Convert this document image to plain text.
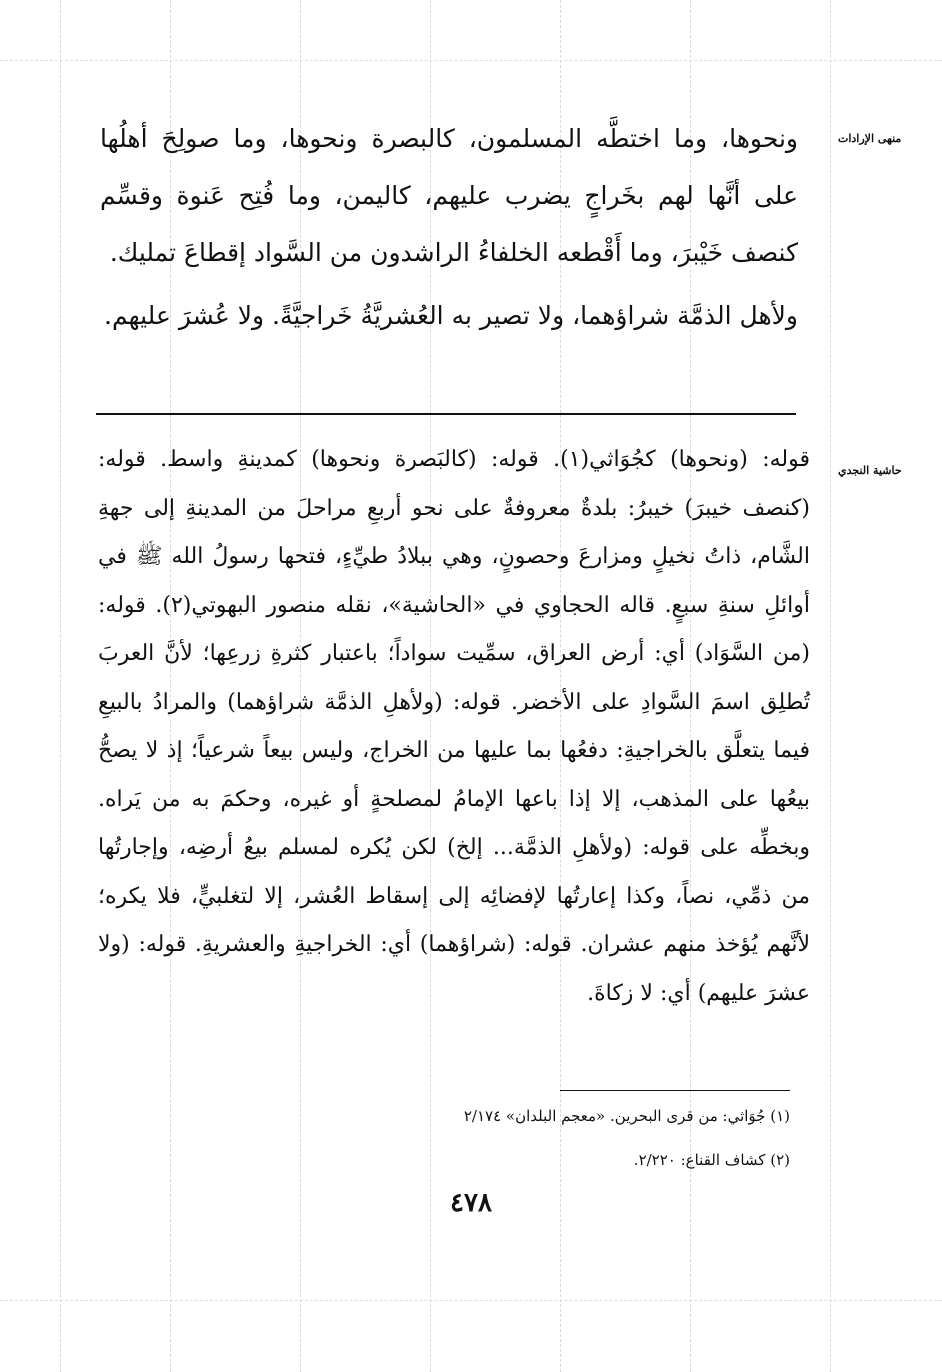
منهى الإرادات
حاشية النجدي

ونحوها، وما اختطَّه المسلمون، كالبصرة ونحوها، وما صولِحَ أهلُها على أنَّها لهم بخَراجٍ يضرب عليهم، كاليمن، وما فُتِح عَنوة وقسِّم كنصف خَيْبرَ، وما أَقْطعه الخلفاءُ الراشدون من السَّواد إقطاعَ تمليك.

ولأهل الذمَّة شراؤهما، ولا تصير به العُشريَّةُ خَراجيَّةً. ولا عُشرَ عليهم.

قوله: (ونحوها) كجُوَاثي(١). قوله: (كالبَصرة ونحوها) كمدينةِ واسط. قوله: (كنصف خيبرَ) خيبرُ: بلدةٌ معروفةٌ على نحو أربعِ مراحلَ من المدينةِ إلى جهةِ الشَّام، ذاتُ نخيلٍ ومزارعَ وحصونٍ، وهي ببلادُ طيِّءٍ، فتحها رسولُ الله ﷺ في أوائلِ سنةِ سبعٍ. قاله الحجاوي في «الحاشية»، نقله منصور البهوتي(٢). قوله: (من السَّوَاد) أي: أرض العراق، سمِّيت سواداً؛ باعتبار كثرةِ زرعِها؛ لأنَّ العربَ تُطلِق اسمَ السَّوادِ على الأخضر. قوله: (ولأهلِ الذمَّة شراؤهما) والمرادُ بالبيعِ فيما يتعلَّق بالخراجيةِ: دفعُها بما عليها من الخراج، وليس بيعاً شرعياً؛ إذ لا يصحُّ بيعُها على المذهب، إلا إذا باعها الإمامُ لمصلحةٍ أو غيره، وحكمَ به من يَراه. وبخطِّه على قوله: (ولأهلِ الذمَّة... إلخ) لكن يُكره لمسلم بيعُ أرضِه، وإجارتُها من ذمِّي، نصاً، وكذا إعارتُها لإفضائِه إلى إسقاط العُشر، إلا لتغلبيٍّ، فلا يكره؛ لأنَّهم يُؤخذ منهم عشران. قوله: (شراؤهما) أي: الخراجيةِ والعشريةِ. قوله: (ولا عشرَ عليهم) أي: لا زكاةَ.

(١) جُوَاثي: من قرى البحرين. «معجم البلدان» ٢/١٧٤
(٢) كشاف القناع: ٢/٢٢٠.
٤٧٨
